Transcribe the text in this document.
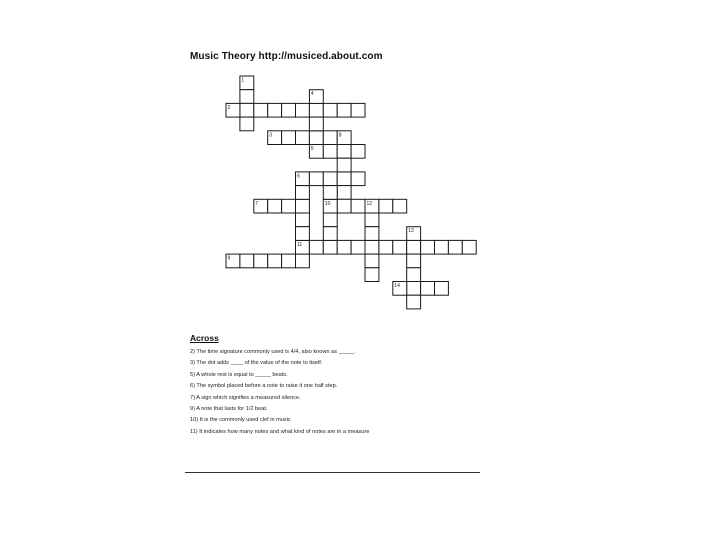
Music Theory http://musiced.about.com
1
2
3
4
5
6
7
8
9
10
11
12
13
14
Across
2) The time signature commonly used is 4/4, also known as _____.
3) The dot adds ____ of the value of the note to itself.
5) A whole rest is equal to _____ beats.
6) The symbol placed before a note to raise it one half step.
7) A sign which signifies a measured silence.
9) A note that lasts for 1/2 beat.
10) It is the commonly used clef in music
11) It indicates how many notes and what kind of notes are in a measure
